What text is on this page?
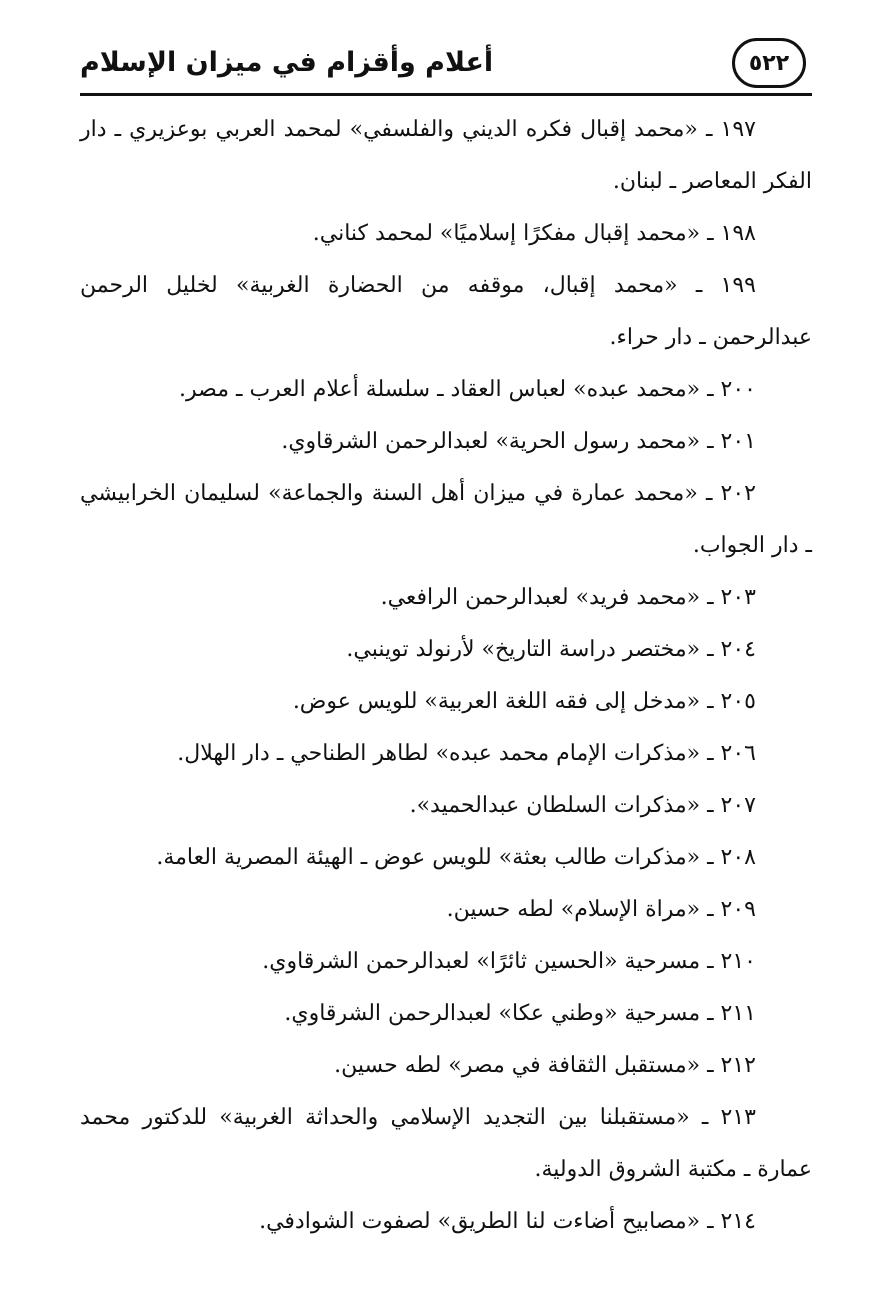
أعلام وأقزام في ميزان الإسلام	٥٢٢

١٩٧ ـ «محمد إقبال فكره الديني والفلسفي» لمحمد العربي بوعزيري ـ دار الفكر المعاصر ـ لبنان.

١٩٨ ـ «محمد إقبال مفكرًا إسلاميًا» لمحمد كناني.

١٩٩ ـ «محمد إقبال، موقفه من الحضارة الغربية» لخليل الرحمن عبدالرحمن ـ دار حراء.

٢٠٠ ـ «محمد عبده» لعباس العقاد ـ سلسلة أعلام العرب ـ مصر.

٢٠١ ـ «محمد رسول الحرية» لعبدالرحمن الشرقاوي.

٢٠٢ ـ «محمد عمارة في ميزان أهل السنة والجماعة» لسليمان الخرابيشي ـ دار الجواب.

٢٠٣ ـ «محمد فريد» لعبدالرحمن الرافعي.

٢٠٤ ـ «مختصر دراسة التاريخ» لأرنولد توينبي.

٢٠٥ ـ «مدخل إلى فقه اللغة العربية» للويس عوض.

٢٠٦ ـ «مذكرات الإمام محمد عبده» لطاهر الطناحي ـ دار الهلال.

٢٠٧ ـ «مذكرات السلطان عبدالحميد».

٢٠٨ ـ «مذكرات طالب بعثة» للويس عوض ـ الهيئة المصرية العامة.

٢٠٩ ـ «مراة الإسلام» لطه حسين.

٢١٠ ـ مسرحية «الحسين ثائرًا» لعبدالرحمن الشرقاوي.

٢١١ ـ مسرحية «وطني عكا» لعبدالرحمن الشرقاوي.

٢١٢ ـ «مستقبل الثقافة في مصر» لطه حسين.

٢١٣ ـ «مستقبلنا بين التجديد الإسلامي والحداثة الغربية» للدكتور محمد عمارة ـ مكتبة الشروق الدولية.

٢١٤ ـ «مصابيح أضاءت لنا الطريق» لصفوت الشوادفي.
